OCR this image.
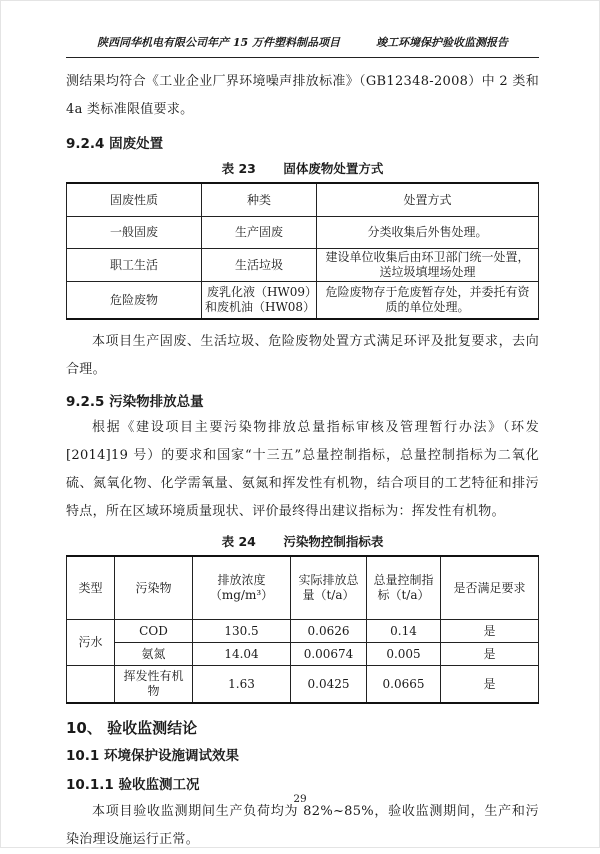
陕西同华机电有限公司年产 15 万件塑料制品项目	竣工环境保护验收监测报告

测结果均符合《工业企业厂界环境噪声排放标准》（GB12348-2008）中 2 类和 4a 类标准限值要求。

9.2.4 固废处置
表 23 固体废物处置方式
固废性质	种类	处置方式
一般固废	生产固废	分类收集后外售处理。
职工生活	生活垃圾	建设单位收集后由环卫部门统一处置，送垃圾填埋场处理
危险废物	废乳化液（HW09）和废机油（HW08）	危险废物存于危废暂存处，并委托有资质的单位处理。

本项目生产固废、生活垃圾、危险废物处置方式满足环评及批复要求，去向合理。

9.2.5 污染物排放总量

根据《建设项目主要污染物排放总量指标审核及管理暂行办法》（环发[2014]19 号）的要求和国家“十三五”总量控制指标，总量控制指标为二氧化硫、氮氧化物、化学需氧量、氨氮和挥发性有机物，结合项目的工艺特征和排污特点，所在区域环境质量现状、评价最终得出建议指标为：挥发性有机物。

表 24 污染物控制指标表
类型	污染物	排放浓度（mg/m³）	实际排放总量（t/a）	总量控制指标（t/a）	是否满足要求
污水	COD	130.5	0.0626	0.14	是
	氨氮	14.04	0.00674	0.005	是
	挥发性有机物	1.63	0.0425	0.0665	是
10、 验收监测结论
10.1 环境保护设施调试效果
10.1.1 验收监测工况

本项目验收监测期间生产负荷均为 82%~85%，验收监测期间，生产和污染治理设施运行正常。

29
